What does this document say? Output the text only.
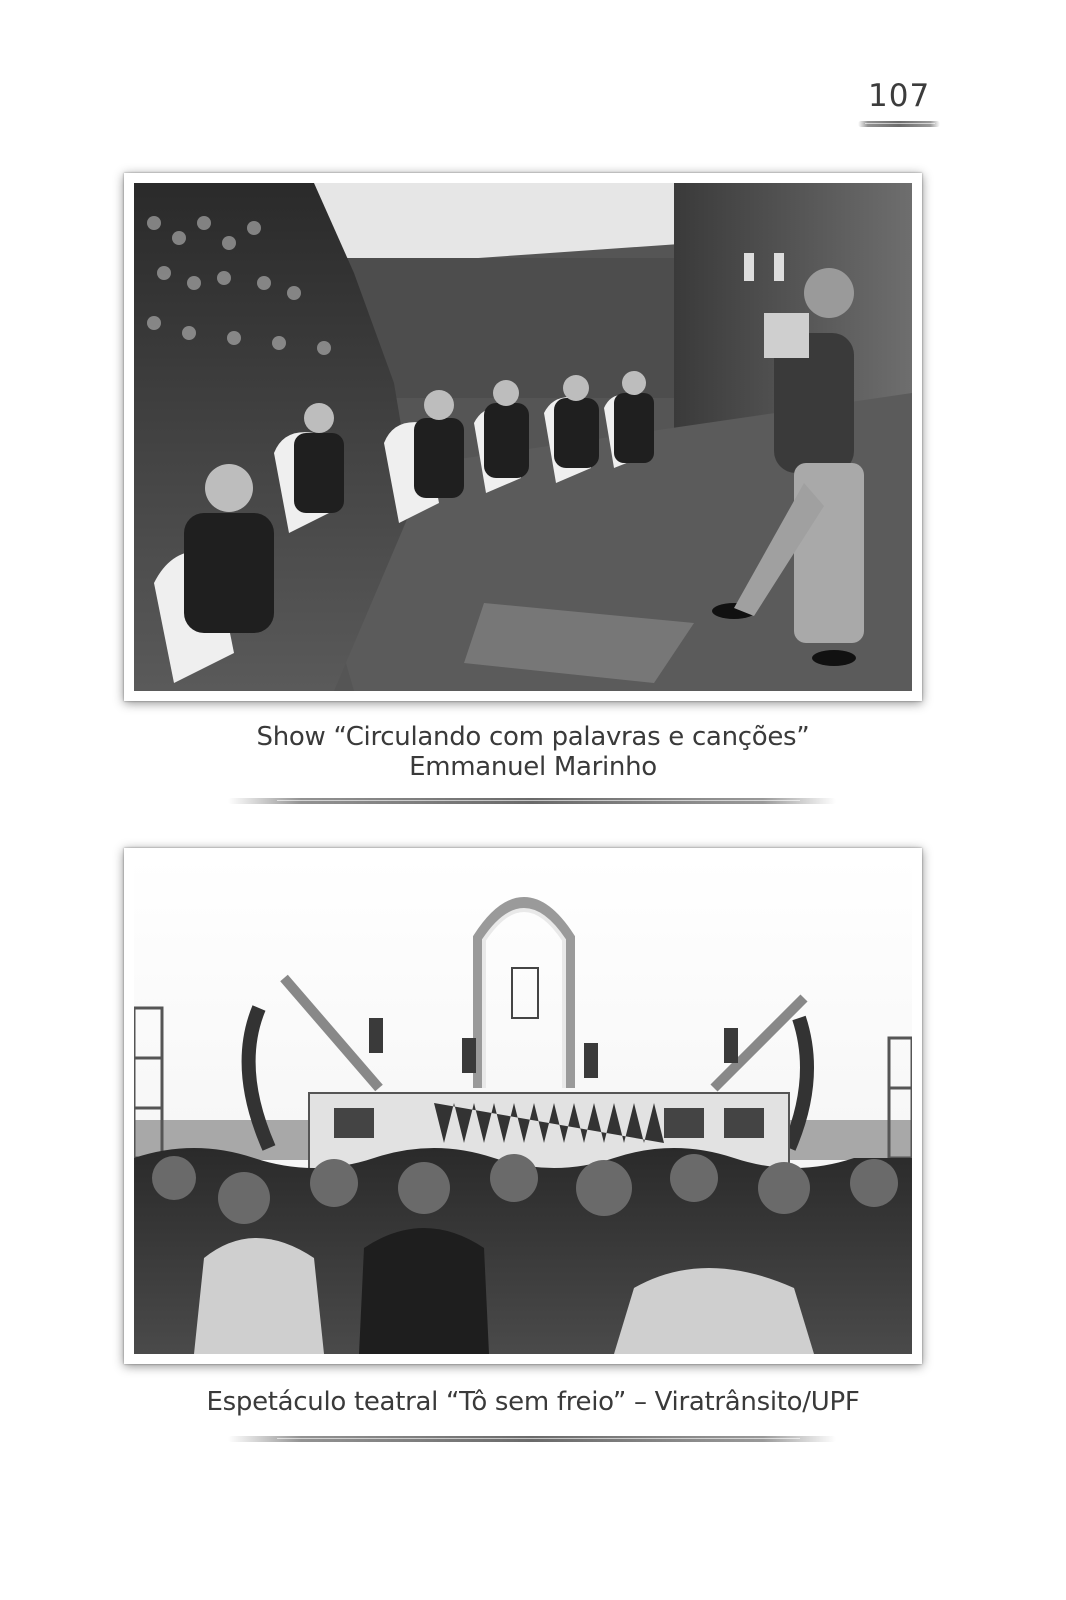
107
Show “Circulando com palavras e canções”
Emmanuel Marinho
Espetáculo teatral “Tô sem freio” – Viratrânsito/UPF
